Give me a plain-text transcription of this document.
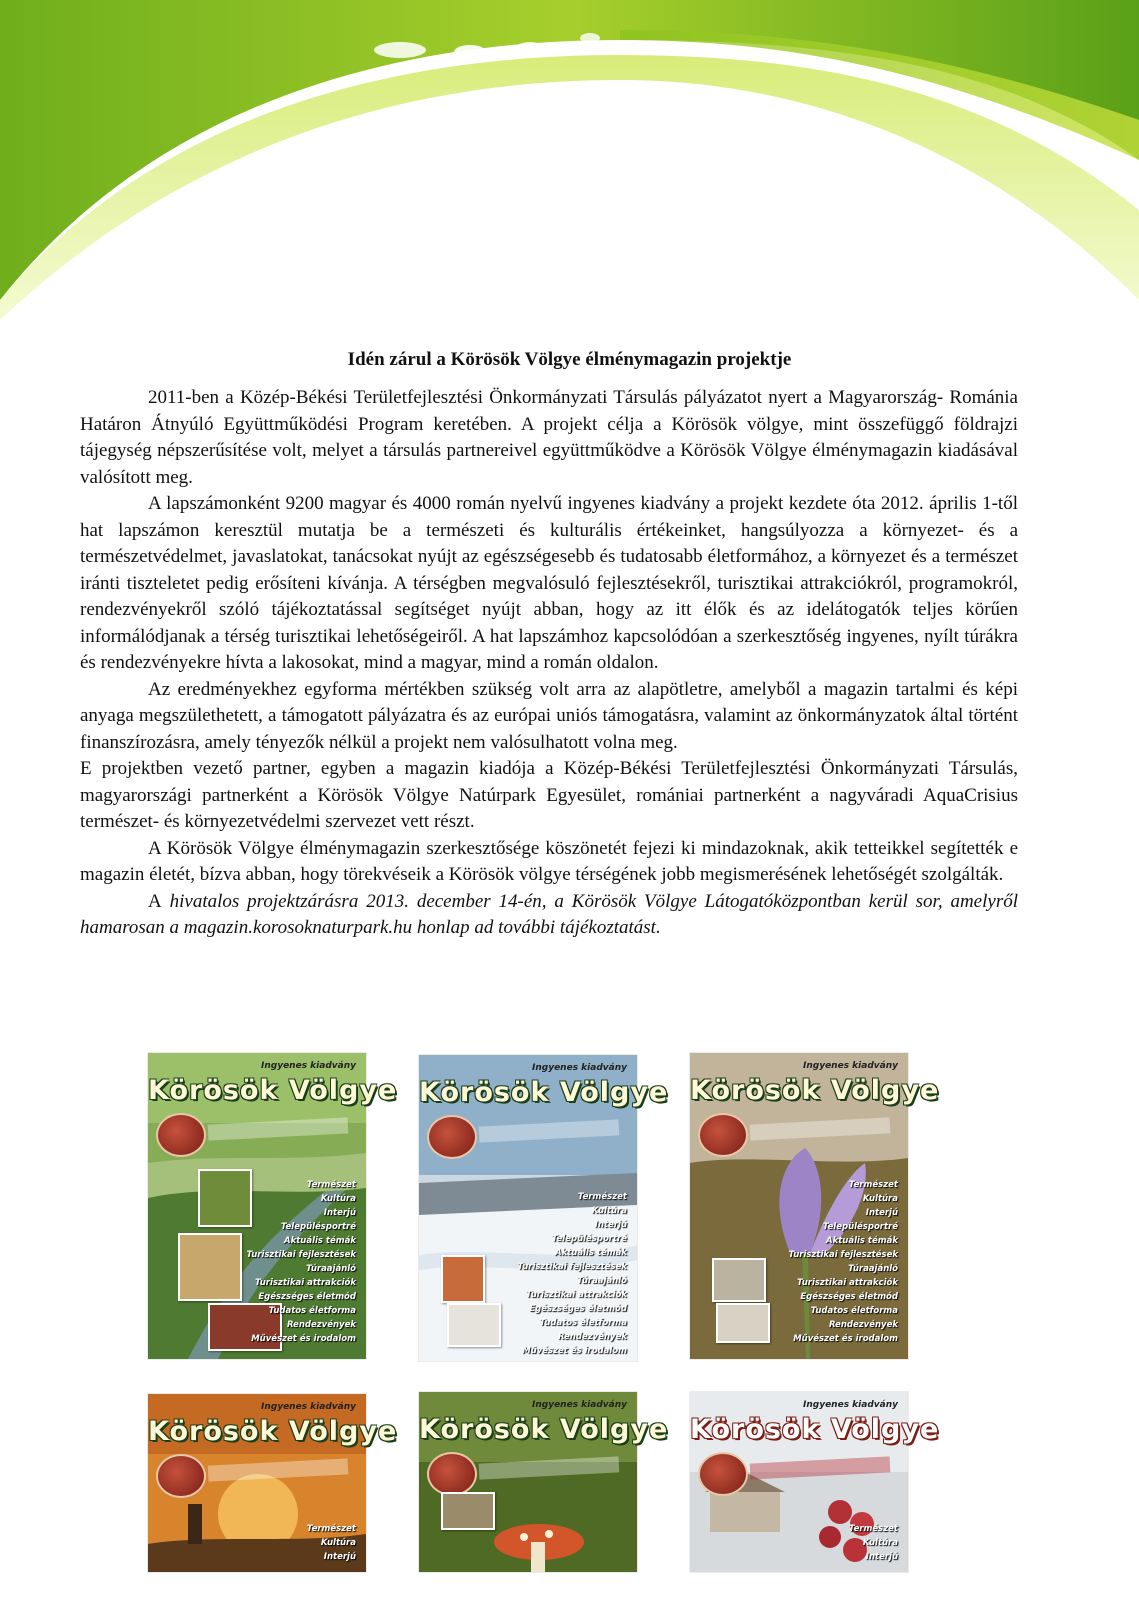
Idén zárul a Körösök Völgye élménymagazin projektje

2011-ben a Közép-Békési Területfejlesztési Önkormányzati Társulás pályázatot nyert a Magyarország- Románia Határon Átnyúló Együttműködési Program keretében. A projekt célja a Körösök völgye, mint összefüggő földrajzi tájegység népszerűsítése volt, melyet a társulás partnereivel együttműködve a Körösök Völgye élménymagazin kiadásával valósított meg.

A lapszámonként 9200 magyar és 4000 román nyelvű ingyenes kiadvány a projekt kezdete óta 2012. április 1-től hat lapszámon keresztül mutatja be a természeti és kulturális értékeinket, hangsúlyozza a környezet- és a természetvédelmet, javaslatokat, tanácsokat nyújt az egészségesebb és tudatosabb életformához, a környezet és a természet iránti tiszteletet pedig erősíteni kívánja. A térségben megvalósuló fejlesztésekről, turisztikai attrakciókról, programokról, rendezvényekről szóló tájékoztatással segítséget nyújt abban, hogy az itt élők és az idelátogatók teljes körűen informálódjanak a térség turisztikai lehetőségeiről. A hat lapszámhoz kapcsolódóan a szerkesztőség ingyenes, nyílt túrákra és rendezvényekre hívta a lakosokat, mind a magyar, mind a román oldalon.

Az eredményekhez egyforma mértékben szükség volt arra az alapötletre, amelyből a magazin tartalmi és képi anyaga megszülethetett, a támogatott pályázatra és az európai uniós támogatásra, valamint az önkormányzatok által történt finanszírozásra, amely tényezők nélkül a projekt nem valósulhatott volna meg.

E projektben vezető partner, egyben a magazin kiadója a Közép-Békési Területfejlesztési Önkormányzati Társulás, magyarországi partnerként a Körösök Völgye Natúrpark Egyesület, romániai partnerként a nagyváradi AquaCrisius természet- és környezetvédelmi szervezet vett részt.

A Körösök Völgye élménymagazin szerkesztősége köszönetét fejezi ki mindazoknak, akik tetteikkel segítették e magazin életét, bízva abban, hogy törekvéseik a Körösök völgye térségének jobb megismerésének lehetőségét szolgálták.

A hivatalos projektzárásra 2013. december 14-én, a Körösök Völgye Látogatóközpontban kerül sor, amelyről hamarosan a magazin.korosoknaturpark.hu honlap ad további tájékoztatást.

Ingyenes kiadvány
Körösök Völgye
Természet
Kultúra
Interjú
Településportré
Aktuális témák
Turisztikai fejlesztések
Túraajánló
Turisztikai attrakciók
Egészséges életmód
Tudatos életforma
Rendezvények
Művészet és irodalom
Ingyenes kiadvány
Körösök Völgye
Természet
Kultúra
Interjú
Településportré
Aktuális témák
Turisztikai fejlesztések
Túraajánló
Turisztikai attrakciók
Egészséges életmód
Tudatos életforma
Rendezvények
Művészet és irodalom
Ingyenes kiadvány
Körösök Völgye
Természet
Kultúra
Interjú
Településportré
Aktuális témák
Turisztikai fejlesztések
Túraajánló
Turisztikai attrakciók
Egészséges életmód
Tudatos életforma
Rendezvények
Művészet és irodalom
Ingyenes kiadvány
Körösök Völgye
Természet
Kultúra
Interjú
Ingyenes kiadvány
Körösök Völgye
Ingyenes kiadvány
Körösök Völgye
Természet
Kultúra
Interjú
